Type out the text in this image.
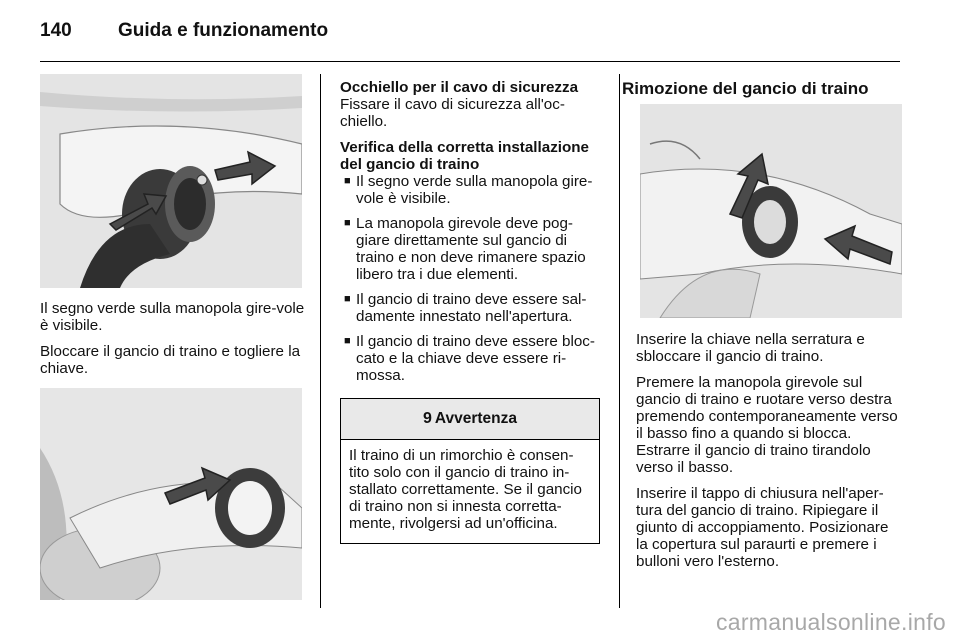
140 Guida e funzionamento

Il segno verde sulla manopola gire-vole è visibile.

Bloccare il gancio di traino e togliere la chiave.

Occhiello per il cavo di sicurezza

Fissare il cavo di sicurezza all'oc-chiello.

Verifica della corretta installazione del gancio di traino

■ Il segno verde sulla manopola gire-vole è visibile.
■ La manopola girevole deve pog-giare direttamente sul gancio di traino e non deve rimanere spazio libero tra i due elementi.
■ Il gancio di traino deve essere sal-damente innestato nell'apertura.
■ Il gancio di traino deve essere bloc-cato e la chiave deve essere ri-mossa.
9 Avvertenza
Il traino di un rimorchio è consen-tito solo con il gancio di traino in-stallato correttamente. Se il gancio di traino non si innesta corretta-mente, rivolgersi ad un'officina.
Rimozione del gancio di traino

Inserire la chiave nella serratura e sbloccare il gancio di traino.

Premere la manopola girevole sul gancio di traino e ruotare verso destra premendo contemporaneamente verso il basso fino a quando si blocca. Estrarre il gancio di traino tirandolo verso il basso.

Inserire il tappo di chiusura nell'aper-tura del gancio di traino. Ripiegare il giunto di accoppiamento. Posizionare la copertura sul paraurti e premere i bulloni vero l'esterno.

carmanualsonline.info
